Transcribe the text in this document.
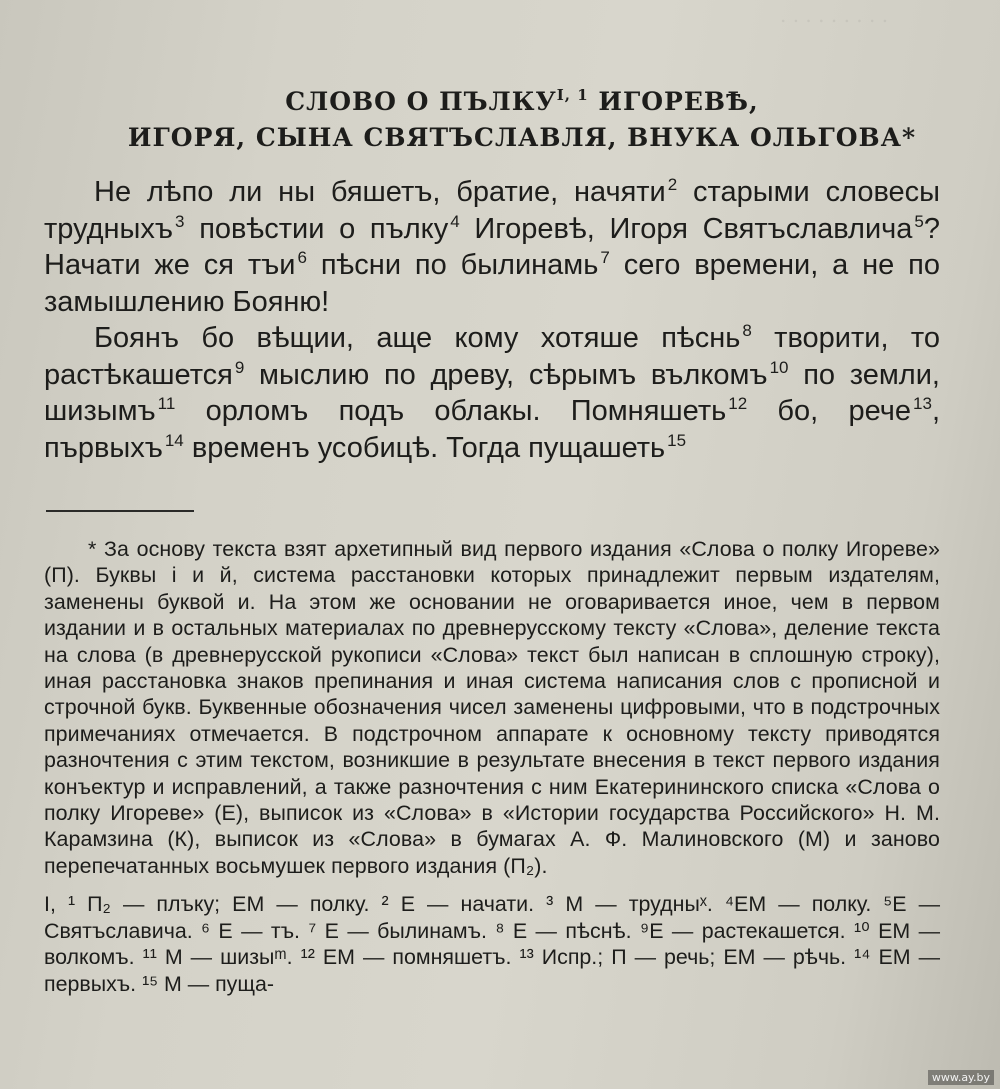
. . . . . . . . .
СЛОВО О $ПЪЛКУ^{I, 1}$ ИГОРЕВѢ,
ИГОРЯ, СЫНА СВЯТЪСЛАВЛЯ, ВНУКА ОЛЬГОВА*

Не лѣпо ли ны бяшетъ, братие, начяти $^2$ старыми словесы трудныхъ $^3$ повѣстии о пълку $^4$ Игоревѣ, Игоря Святъславлича $^5$? Начати же ся тъи $^6$ пѣсни по былинамь $^7$ сего времени, а не по замышлению Бояню!

Боянъ бо вѣщии, аще кому хотяше пѣснь $^8$ творити, то растѣкашется $^9$ мыслию по древу, сѣрымъ вълкомъ $^{10}$ по земли, шизымъ $^{11}$ орломъ подъ облакы. Помняшеть $^{12}$ бо, рече $^{13}$, първыхъ $^{14}$ временъ усобицѣ. Тогда пущашеть $^{15}$

* За основу текста взят архетипный вид первого издания «Слова о полку Игореве» (П). Буквы і и й, система расстановки которых принадлежит первым издателям, заменены буквой и. На этом же основании не оговаривается иное, чем в первом издании и в остальных материалах по древнерусскому тексту «Слова», деление текста на слова (в древнерусской рукописи «Слова» текст был написан в сплошную строку), иная расстановка знаков препинания и иная система написания слов с прописной и строчной букв. Буквенные обозначения чисел заменены цифровыми, что в подстрочных примечаниях отмечается. В подстрочном аппарате к основному тексту приводятся разночтения с этим текстом, возникшие в результате внесения в текст первого издания конъектур и исправлений, а также разночтения с ним Екатерининского списка «Слова о полку Игореве» (Е), выписок из «Слова» в «Истории государства Российского» Н. М. Карамзина (К), выписок из «Слова» в бумагах А. Ф. Малиновского (М) и заново перепечатанных восьмушек первого издания (П₂).

I, ¹ П₂ — плъку; ЕМ — полку. ² Е — начати. ³ М — трудныˣ. ⁴ЕМ — полку. ⁵Е — Святъславича. ⁶ Е — тъ. ⁷ Е — былинамъ. ⁸ Е — пѣснѣ. ⁹Е — растекашется. ¹⁰ ЕМ — волкомъ. ¹¹ М — шизыᵐ. ¹² ЕМ — помняшетъ. ¹³ Испр.; П — речь; ЕМ — рѣчь. ¹⁴ ЕМ — первыхъ. ¹⁵ М — пуща-

www.ay.by
